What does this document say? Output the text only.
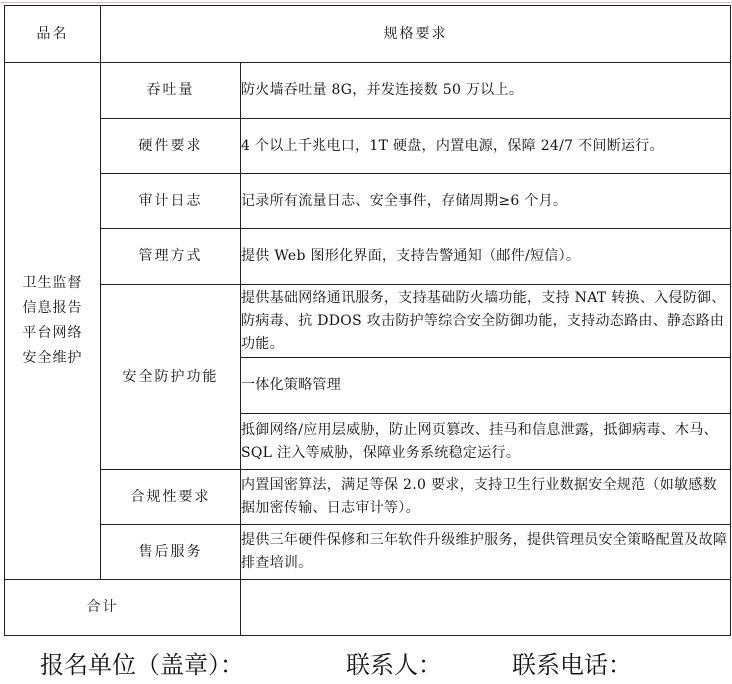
品名	规格要求	

卫生监督信息报告平台网络安全维护	吞吐量	防火墙吞吐量 8G，并发连接数 50 万以上。
	硬件要求	4 个以上千兆电口，1T 硬盘，内置电源，保障 24/7 不间断运行。
	审计日志	记录所有流量日志、安全事件，存储周期≥6 个月。
	管理方式	提供 Web 图形化界面，支持告警通知（邮件/短信）。
	安全防护功能	提供基础网络通讯服务，支持基础防火墙功能，支持 NAT 转换、入侵防御、防病毒、抗 DDOS 攻击防护等综合安全防御功能，支持动态路由、静态路由功能。
		一体化策略管理
		抵御网络/应用层威胁，防止网页篡改、挂马和信息泄露，抵御病毒、木马、SQL 注入等威胁，保障业务系统稳定运行。
	合规性要求	内置国密算法，满足等保 2.0 要求，支持卫生行业数据安全规范（如敏感数据加密传输、日志审计等）。
	售后服务	提供三年硬件保修和三年软件升级维护服务，提供管理员安全策略配置及故障排查培训。

合计		
报名单位（盖章）：	联系人：	联系电话：
